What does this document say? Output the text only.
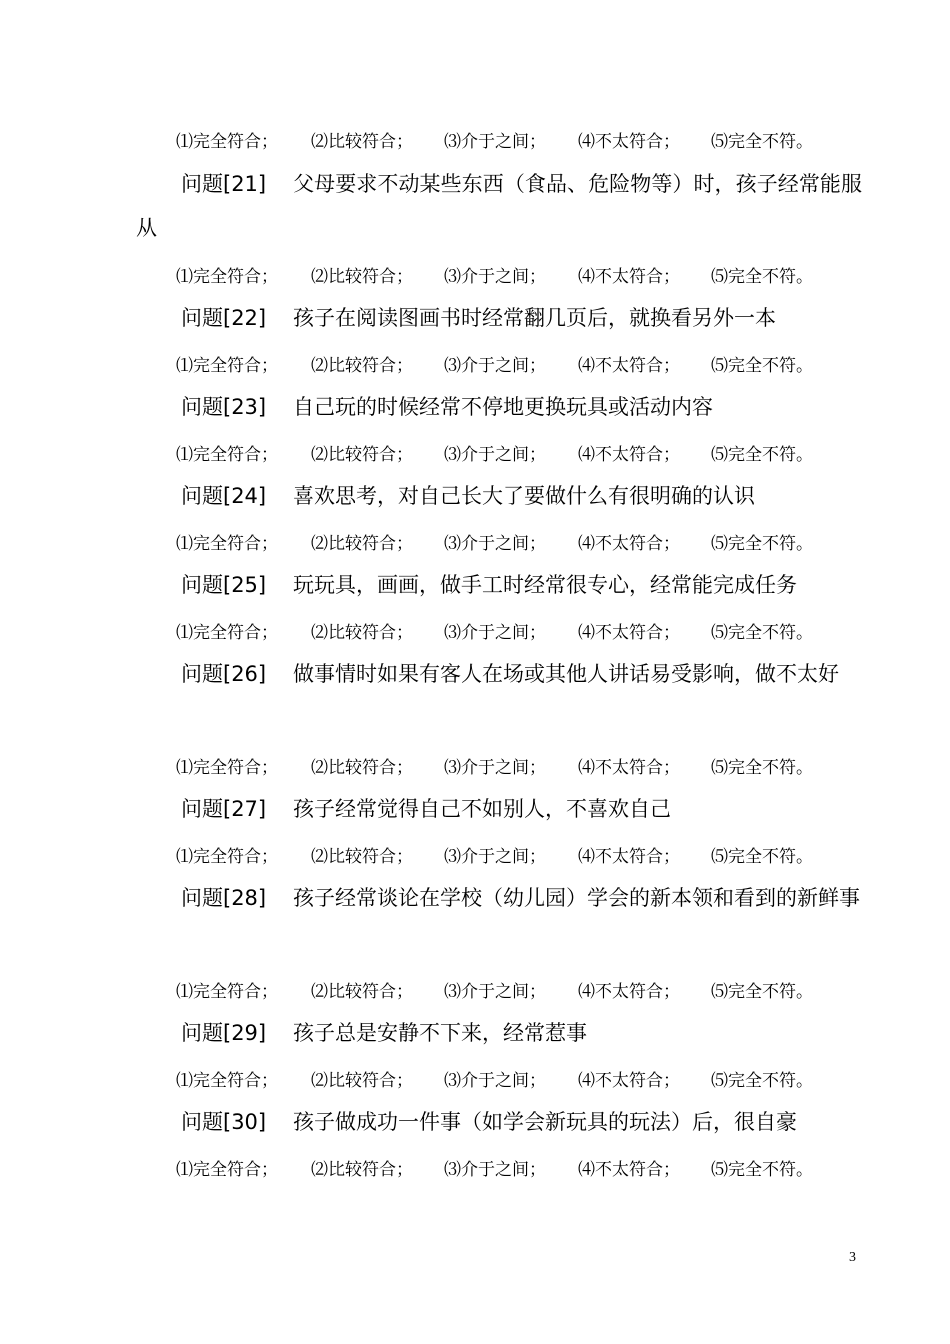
⑴完全符合； ⑵比较符合； ⑶介于之间； ⑷不太符合； ⑸完全不符。
问题[21] 父母要求不动某些东西（食品、危险物等）时，孩子经常能服从
⑴完全符合； ⑵比较符合； ⑶介于之间； ⑷不太符合； ⑸完全不符。
问题[22] 孩子在阅读图画书时经常翻几页后，就换看另外一本
⑴完全符合； ⑵比较符合； ⑶介于之间； ⑷不太符合； ⑸完全不符。
问题[23] 自己玩的时候经常不停地更换玩具或活动内容
⑴完全符合； ⑵比较符合； ⑶介于之间； ⑷不太符合； ⑸完全不符。
问题[24] 喜欢思考，对自己长大了要做什么有很明确的认识
⑴完全符合； ⑵比较符合； ⑶介于之间； ⑷不太符合； ⑸完全不符。
问题[25] 玩玩具，画画，做手工时经常很专心，经常能完成任务
⑴完全符合； ⑵比较符合； ⑶介于之间； ⑷不太符合； ⑸完全不符。
问题[26] 做事情时如果有客人在场或其他人讲话易受影响，做不太好
⑴完全符合； ⑵比较符合； ⑶介于之间； ⑷不太符合； ⑸完全不符。
问题[27] 孩子经常觉得自己不如别人，不喜欢自己
⑴完全符合； ⑵比较符合； ⑶介于之间； ⑷不太符合； ⑸完全不符。
问题[28] 孩子经常谈论在学校（幼儿园）学会的新本领和看到的新鲜事
⑴完全符合； ⑵比较符合； ⑶介于之间； ⑷不太符合； ⑸完全不符。
问题[29] 孩子总是安静不下来，经常惹事
⑴完全符合； ⑵比较符合； ⑶介于之间； ⑷不太符合； ⑸完全不符。
问题[30] 孩子做成功一件事（如学会新玩具的玩法）后，很自豪
⑴完全符合； ⑵比较符合； ⑶介于之间； ⑷不太符合； ⑸完全不符。
3
